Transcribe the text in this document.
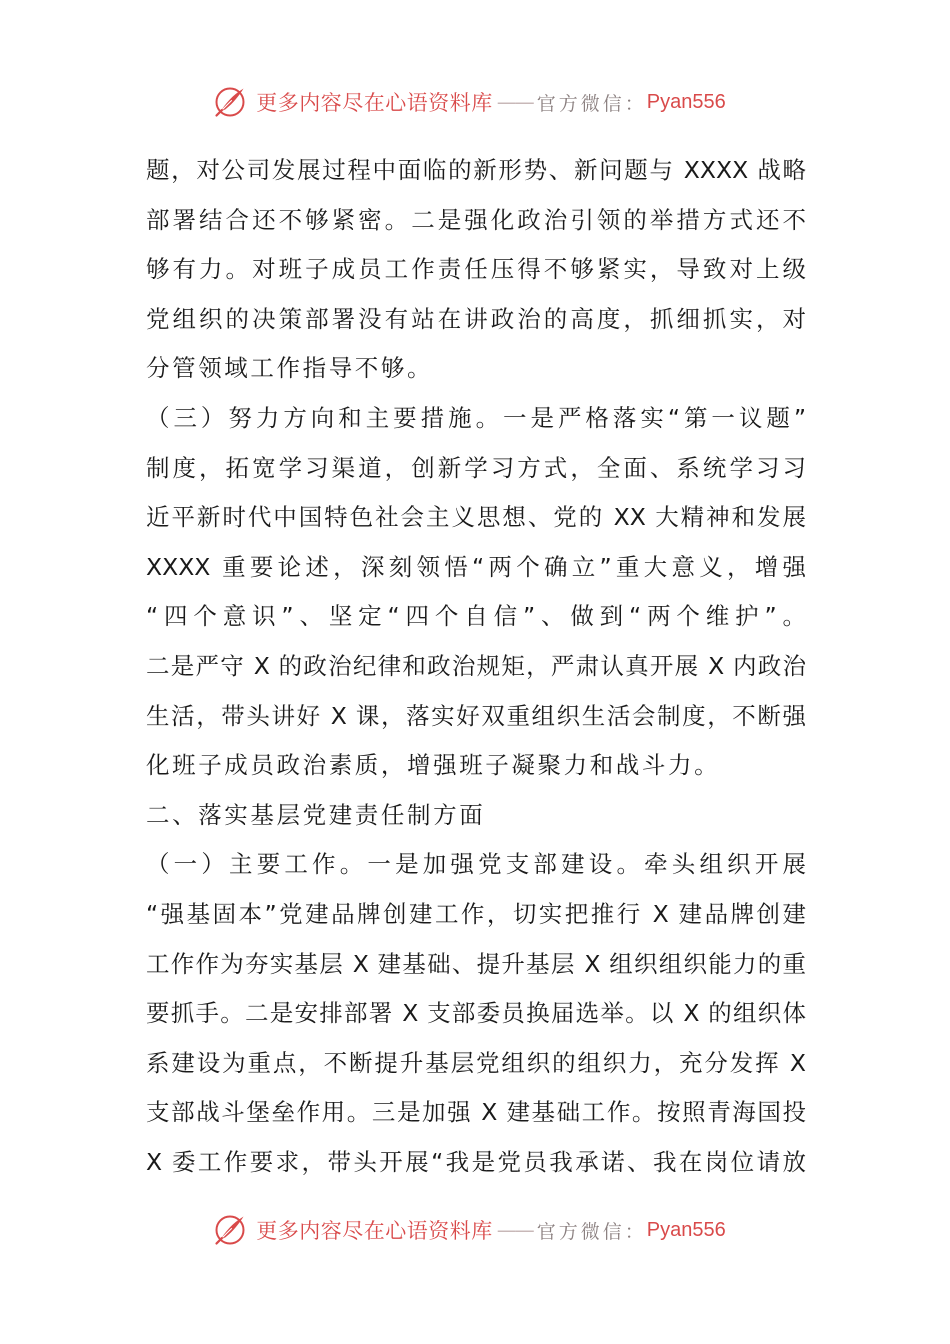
更多内容尽在心语资料库 —— 官方微信： Pyan556
题，对公司发展过程中面临的新形势、新问题与 XXXX 战略
部署结合还不够紧密。二是强化政治引领的举措方式还不
够有力。对班子成员工作责任压得不够紧实，导致对上级
党组织的决策部署没有站在讲政治的高度，抓细抓实，对
分管领域工作指导不够。
（三）努力方向和主要措施。一是严格落实“第一议题”
制度，拓宽学习渠道，创新学习方式，全面、系统学习习
近平新时代中国特色社会主义思想、党的 XX 大精神和发展
XXXX 重要论述，深刻领悟“两个确立”重大意义，增强
“四个意识”、坚定“四个自信”、做到“两个维护”。
二是严守 X 的政治纪律和政治规矩，严肃认真开展 X 内政治
生活，带头讲好 X 课，落实好双重组织生活会制度，不断强
化班子成员政治素质，增强班子凝聚力和战斗力。
二、落实基层党建责任制方面
（一）主要工作。一是加强党支部建设。牵头组织开展
“强基固本”党建品牌创建工作，切实把推行 X 建品牌创建
工作作为夯实基层 X 建基础、提升基层 X 组织组织能力的重
要抓手。二是安排部署 X 支部委员换届选举。以 X 的组织体
系建设为重点，不断提升基层党组织的组织力，充分发挥 X
支部战斗堡垒作用。三是加强 X 建基础工作。按照青海国投
X 委工作要求，带头开展“我是党员我承诺、我在岗位请放
更多内容尽在心语资料库 —— 官方微信： Pyan556
